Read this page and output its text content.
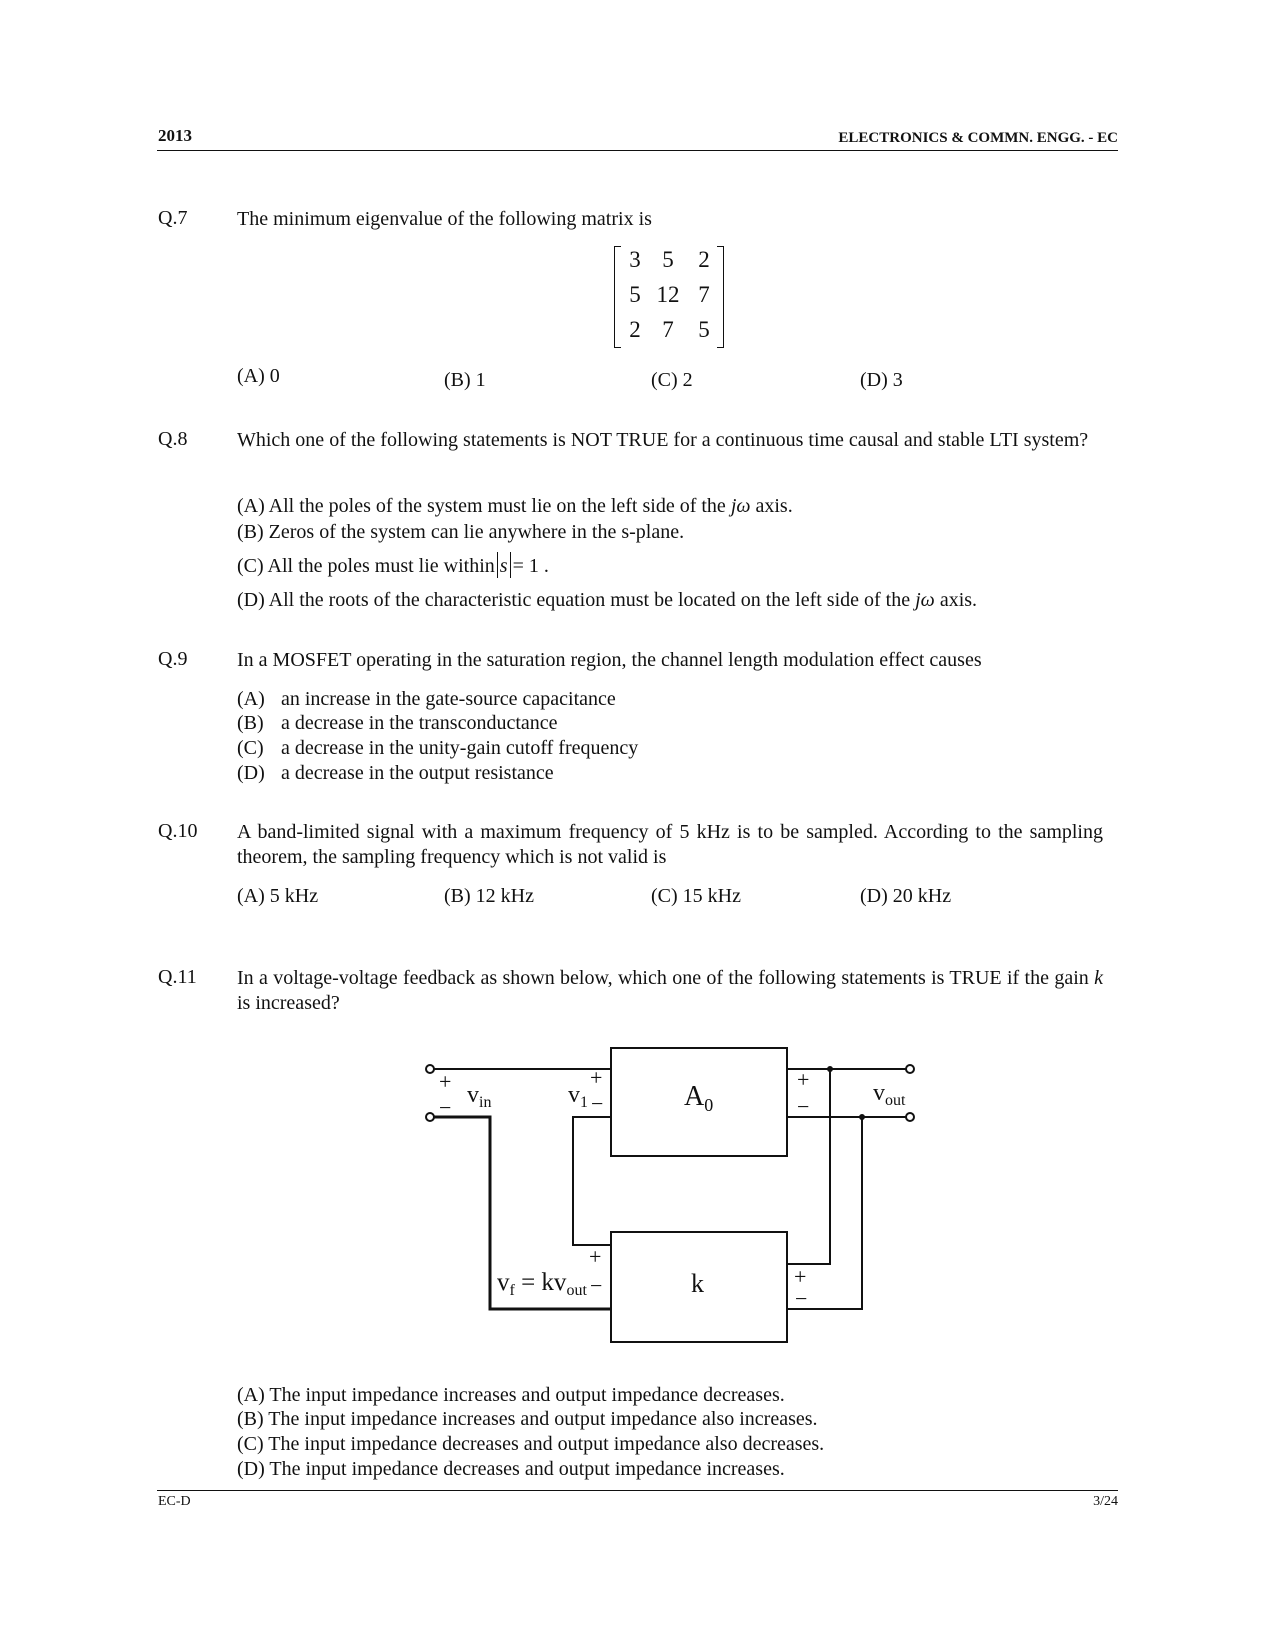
2013	ELECTRONICS & COMMN. ENGG. - EC
Q.7 The minimum eigenvalue of the following matrix is
3 5	2
5 12 7
2 7	5
(A) 0	(B) 1	(C) 2	(D) 3
Q.8 Which one of the following statements is NOT TRUE for a continuous time causal and stable LTI system?
(A) All the poles of the system must lie on the left side of the jω axis.
(B) Zeros of the system can lie anywhere in the s-plane.
(C) All the poles must lie within s = 1 .
(D) All the roots of the characteristic equation must be located on the left side of the jω axis.
Q.9 In a MOSFET operating in the saturation region, the channel length modulation effect causes
(A) an increase in the gate-source capacitance
(B) a decrease in the transconductance
(C) a decrease in the unity-gain cutoff frequency
(D) a decrease in the output resistance
Q.10 A band-limited signal with a maximum frequency of 5 kHz is to be sampled. According to the sampling theorem, the sampling frequency which is not valid is
(A) 5 kHz	(B) 12 kHz	(C) 15 kHz	(D) 20 kHz
Q.11 In a voltage-voltage feedback as shown below, which one of the following statements is TRUE if the gain k is increased?
+
− $v_{in}$
+
$v_1$ −	$A_0$
+
−
$v_{out}$
+
−
$v_f = kv_{out}$	k	+
−
(A) The input impedance increases and output impedance decreases.
(B) The input impedance increases and output impedance also increases.
(C) The input impedance decreases and output impedance also decreases.
(D) The input impedance decreases and output impedance increases.
EC-D	3/24
